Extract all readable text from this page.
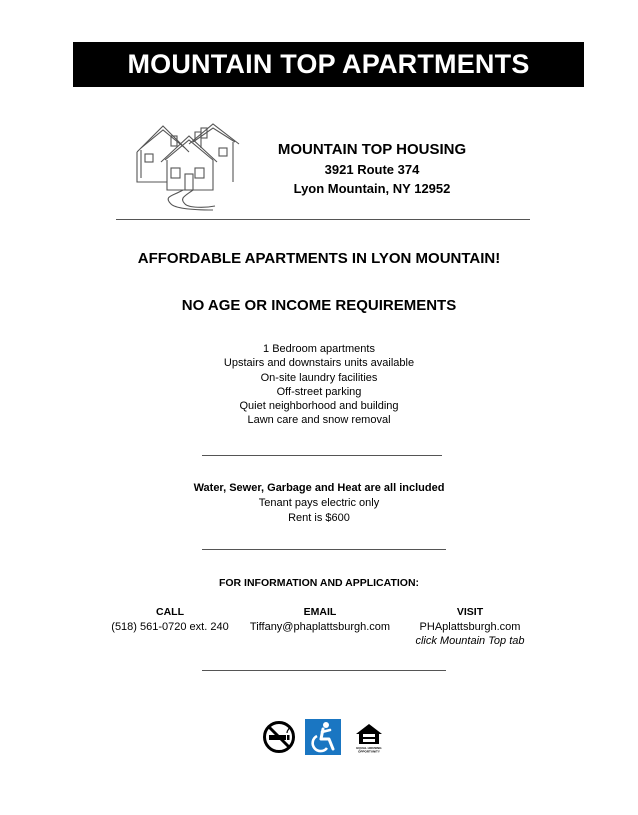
MOUNTAIN TOP APARTMENTS
MOUNTAIN TOP HOUSING
3921 Route 374
Lyon Mountain, NY 12952
AFFORDABLE APARTMENTS IN LYON MOUNTAIN!
NO AGE OR INCOME REQUIREMENTS
1 Bedroom apartments
Upstairs and downstairs units available
On-site laundry facilities
Off-street parking
Quiet neighborhood and building
Lawn care and snow removal
Water, Sewer, Garbage and Heat are all included
Tenant pays electric only
Rent is $600
FOR INFORMATION AND APPLICATION:
CALL
(518) 561-0720 ext. 240
EMAIL
Tiffany@phaplattsburgh.com
VISIT
PHAplattsburgh.com
click Mountain Top tab
EQUAL HOUSING
OPPORTUNITY
